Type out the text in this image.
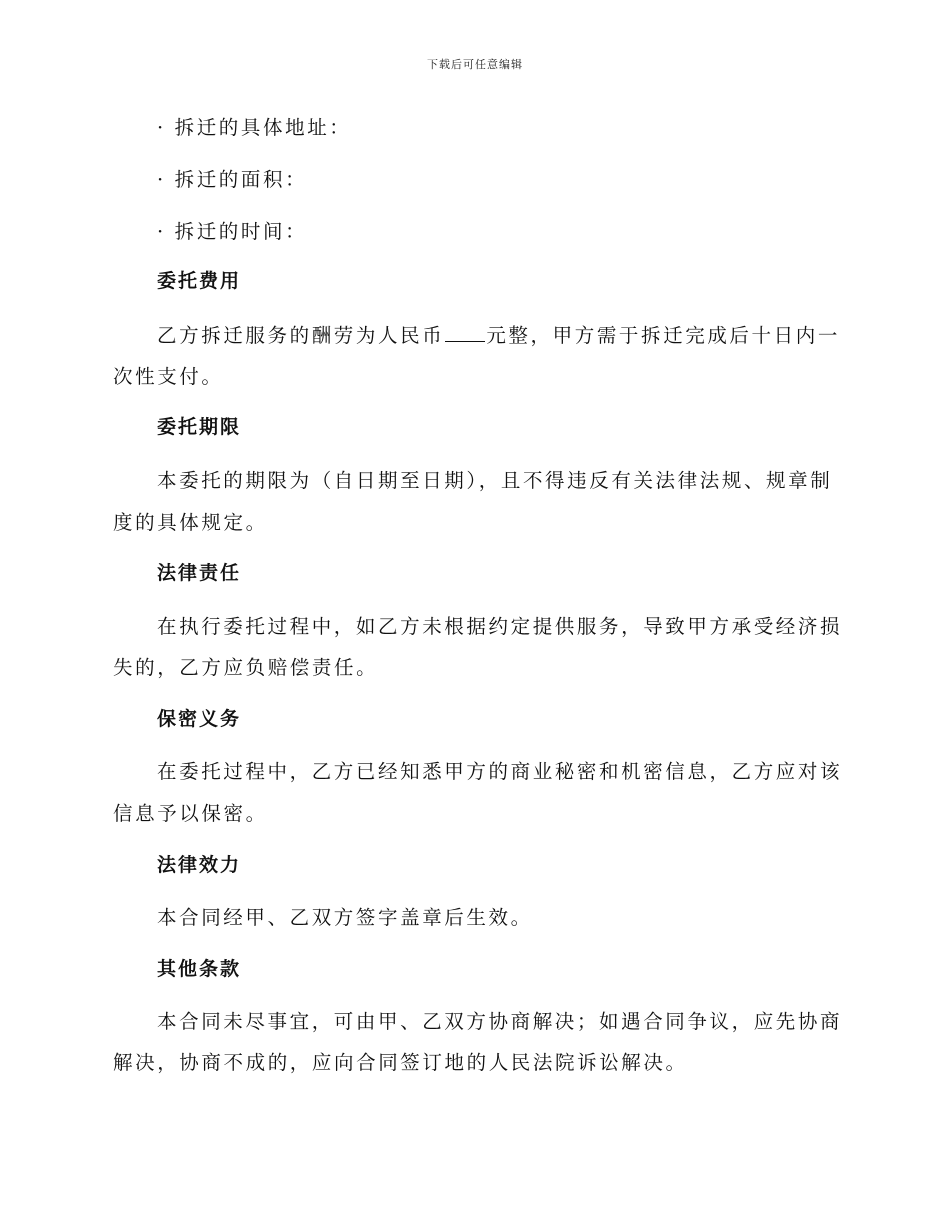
下载后可任意编辑
· 拆迁的具体地址：
· 拆迁的面积：
· 拆迁的时间：
委托费用
乙方拆迁服务的酬劳为人民币 元整，甲方需于拆迁完成后十日内一
次性支付。
委托期限
本委托的期限为（自日期至日期），且不得违反有关法律法规、规章制
度的具体规定。
法律责任
在执行委托过程中，如乙方未根据约定提供服务，导致甲方承受经济损
失的，乙方应负赔偿责任。
保密义务
在委托过程中，乙方已经知悉甲方的商业秘密和机密信息，乙方应对该
信息予以保密。
法律效力
本合同经甲、乙双方签字盖章后生效。
其他条款
本合同未尽事宜，可由甲、乙双方协商解决；如遇合同争议，应先协商
解决，协商不成的，应向合同签订地的人民法院诉讼解决。
